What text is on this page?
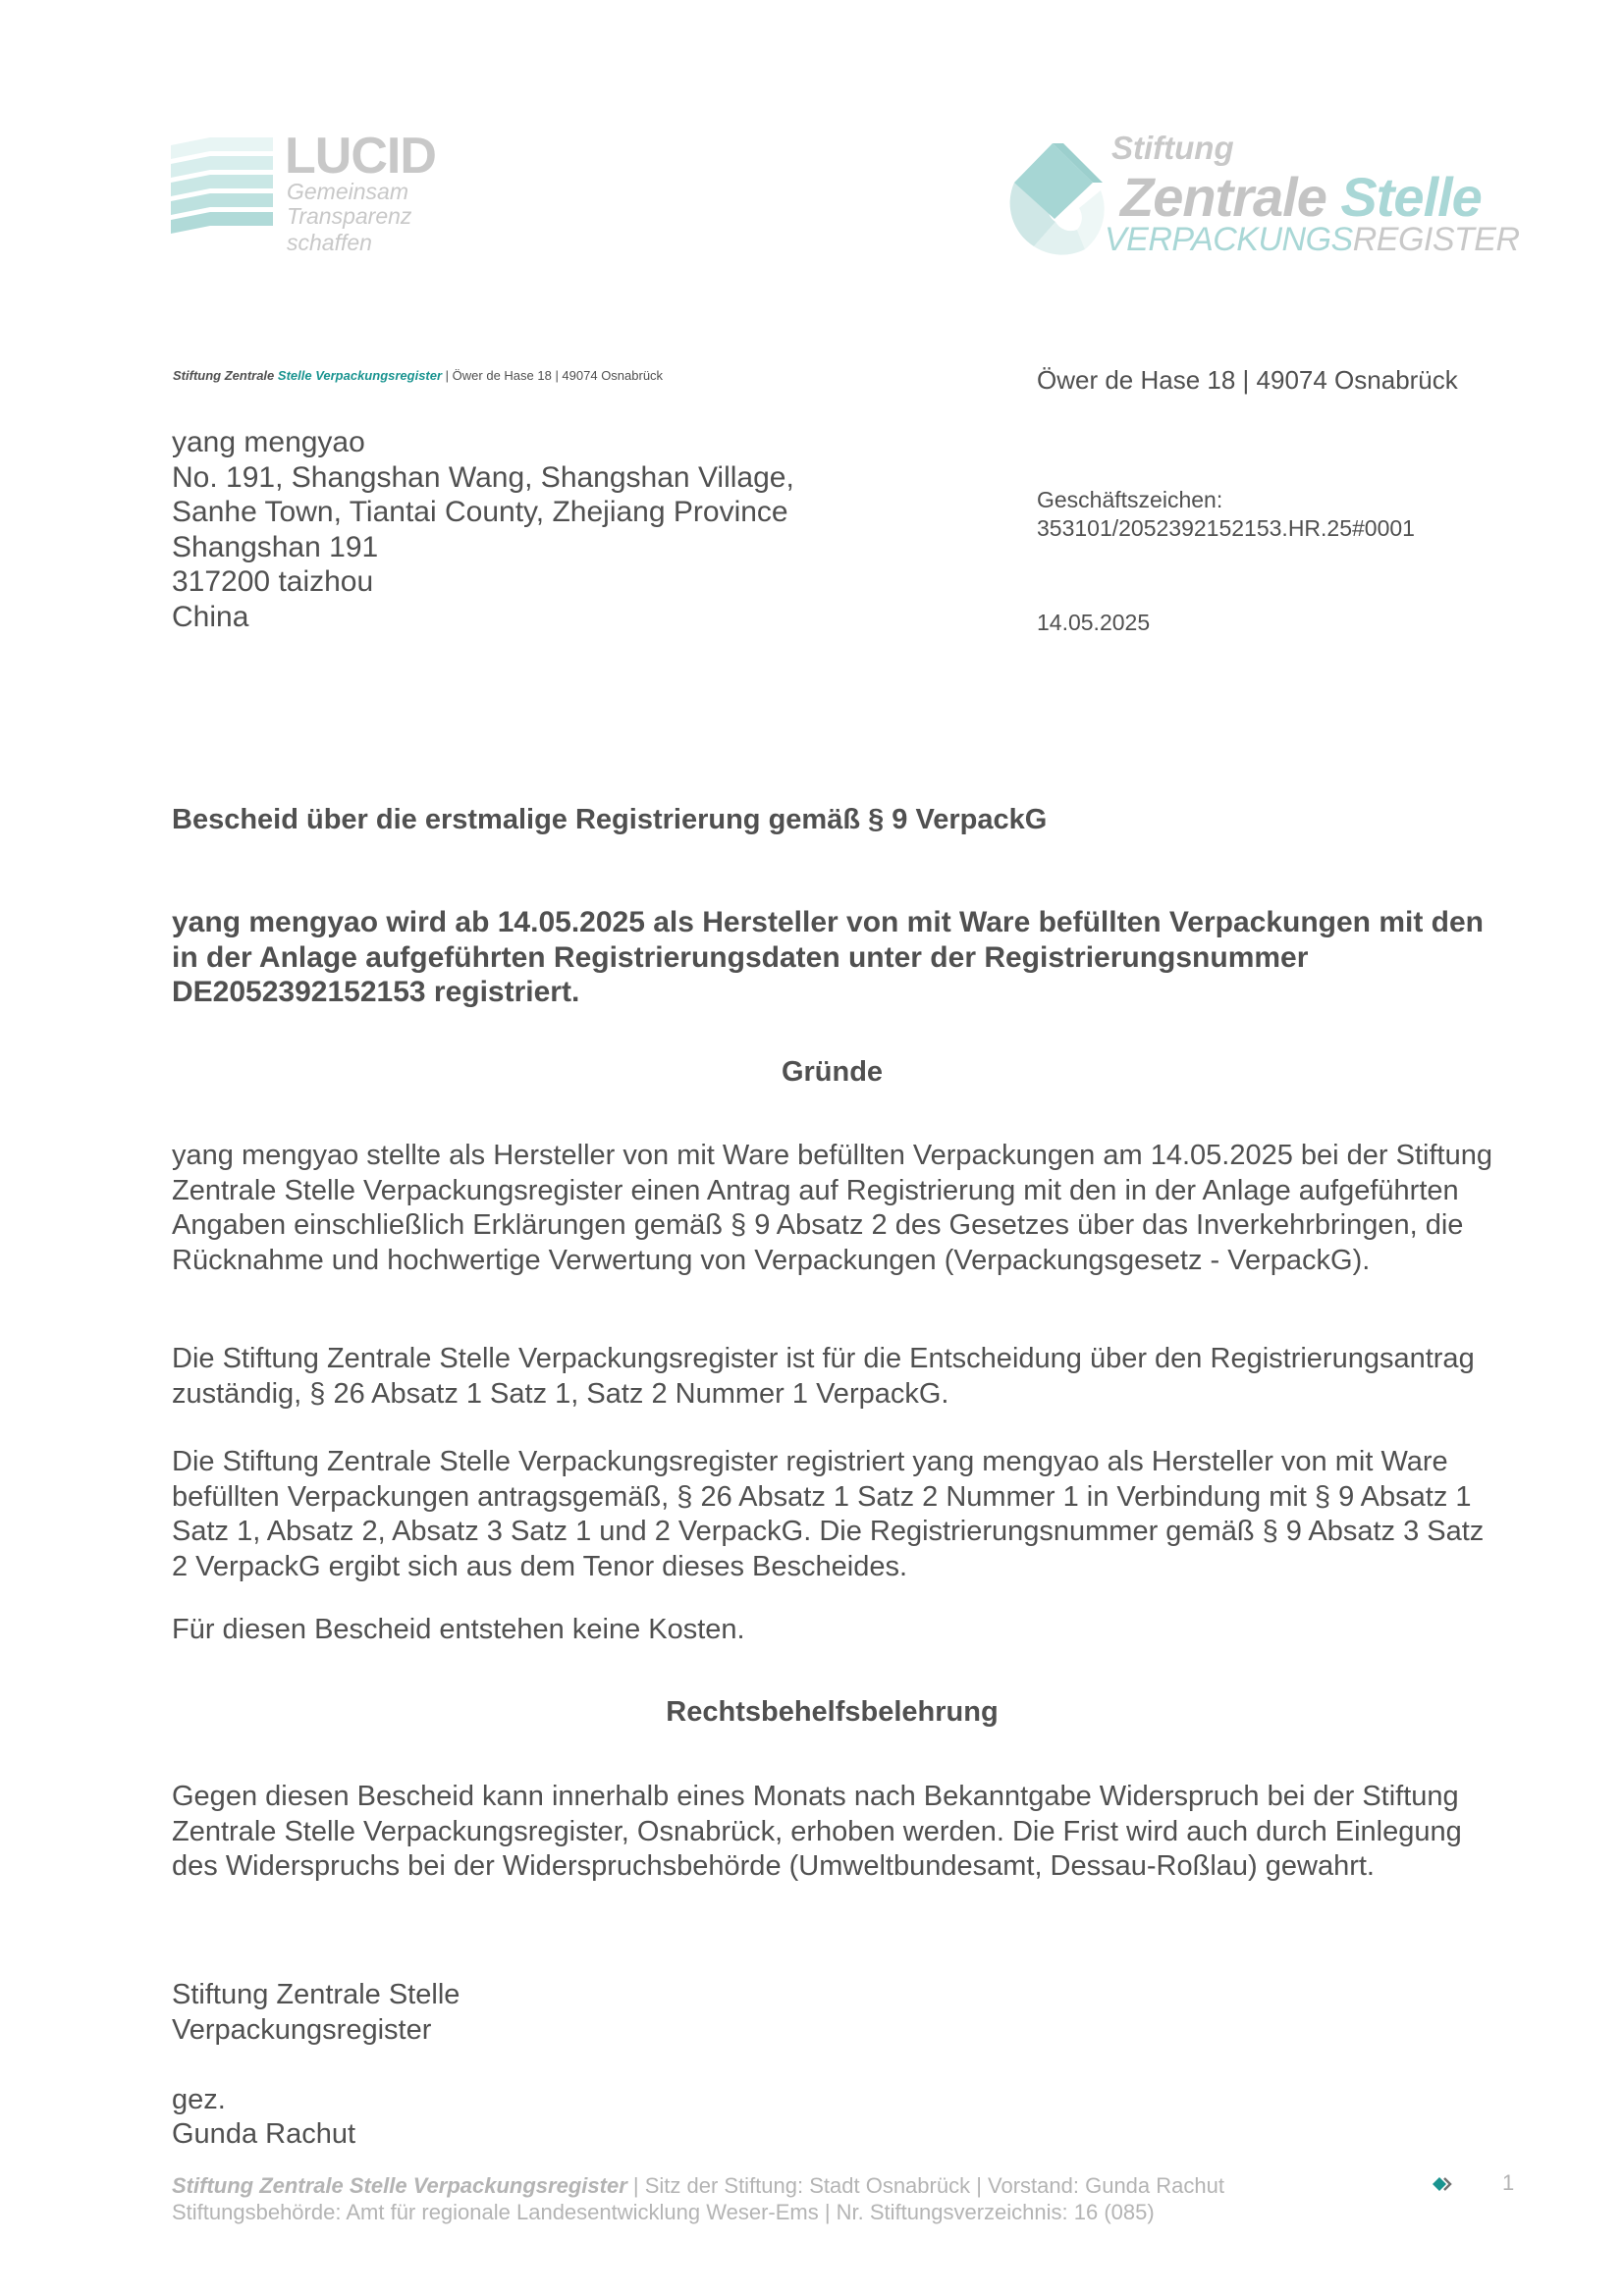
LUCID
Gemeinsam
Transparenz schaffen
Stiftung
Zentrale Stelle
VERPACKUNGSREGISTER
Stiftung Zentrale Stelle Verpackungsregister | Öwer de Hase 18 | 49074 Osnabrück	Öwer de Hase 18 | 49074 Osnabrück
Geschäftszeichen:
353101/2052392152153.HR.25#0001
14.05.2025
yang mengyao
No. 191, Shangshan Wang, Shangshan Village,
Sanhe Town, Tiantai County, Zhejiang Province
Shangshan 191
317200 taizhou
China
Bescheid über die erstmalige Registrierung gemäß § 9 VerpackG
yang mengyao wird ab 14.05.2025 als Hersteller von mit Ware befüllten Verpackungen mit den in der Anlage aufgeführten Registrierungsdaten unter der Registrierungsnummer DE2052392152153 registriert.
Gründe
yang mengyao stellte als Hersteller von mit Ware befüllten Verpackungen am 14.05.2025 bei der Stiftung Zentrale Stelle Verpackungsregister einen Antrag auf Registrierung mit den in der Anlage aufgeführten Angaben einschließlich Erklärungen gemäß § 9 Absatz 2 des Gesetzes über das Inverkehrbringen, die Rücknahme und hochwertige Verwertung von Verpackungen (Verpackungsgesetz - VerpackG).
Die Stiftung Zentrale Stelle Verpackungsregister ist für die Entscheidung über den Registrierungsantrag zuständig, § 26 Absatz 1 Satz 1, Satz 2 Nummer 1 VerpackG.
Die Stiftung Zentrale Stelle Verpackungsregister registriert yang mengyao als Hersteller von mit Ware befüllten Verpackungen antragsgemäß, § 26 Absatz 1 Satz 2 Nummer 1 in Verbindung mit § 9 Absatz 1 Satz 1, Absatz 2, Absatz 3 Satz 1 und 2 VerpackG. Die Registrierungsnummer gemäß § 9 Absatz 3 Satz 2 VerpackG ergibt sich aus dem Tenor dieses Bescheides.
Für diesen Bescheid entstehen keine Kosten.
Rechtsbehelfsbelehrung
Gegen diesen Bescheid kann innerhalb eines Monats nach Bekanntgabe Widerspruch bei der Stiftung Zentrale Stelle Verpackungsregister, Osnabrück, erhoben werden. Die Frist wird auch durch Einlegung des Widerspruchs bei der Widerspruchsbehörde (Umweltbundesamt, Dessau-Roßlau) gewahrt.
Stiftung Zentrale Stelle
Verpackungsregister
gez.
Gunda Rachut
Stiftung Zentrale Stelle Verpackungsregister | Sitz der Stiftung: Stadt Osnabrück | Vorstand: Gunda Rachut
Stiftungsbehörde: Amt für regionale Landesentwicklung Weser-Ems | Nr. Stiftungsverzeichnis: 16 (085)
1
